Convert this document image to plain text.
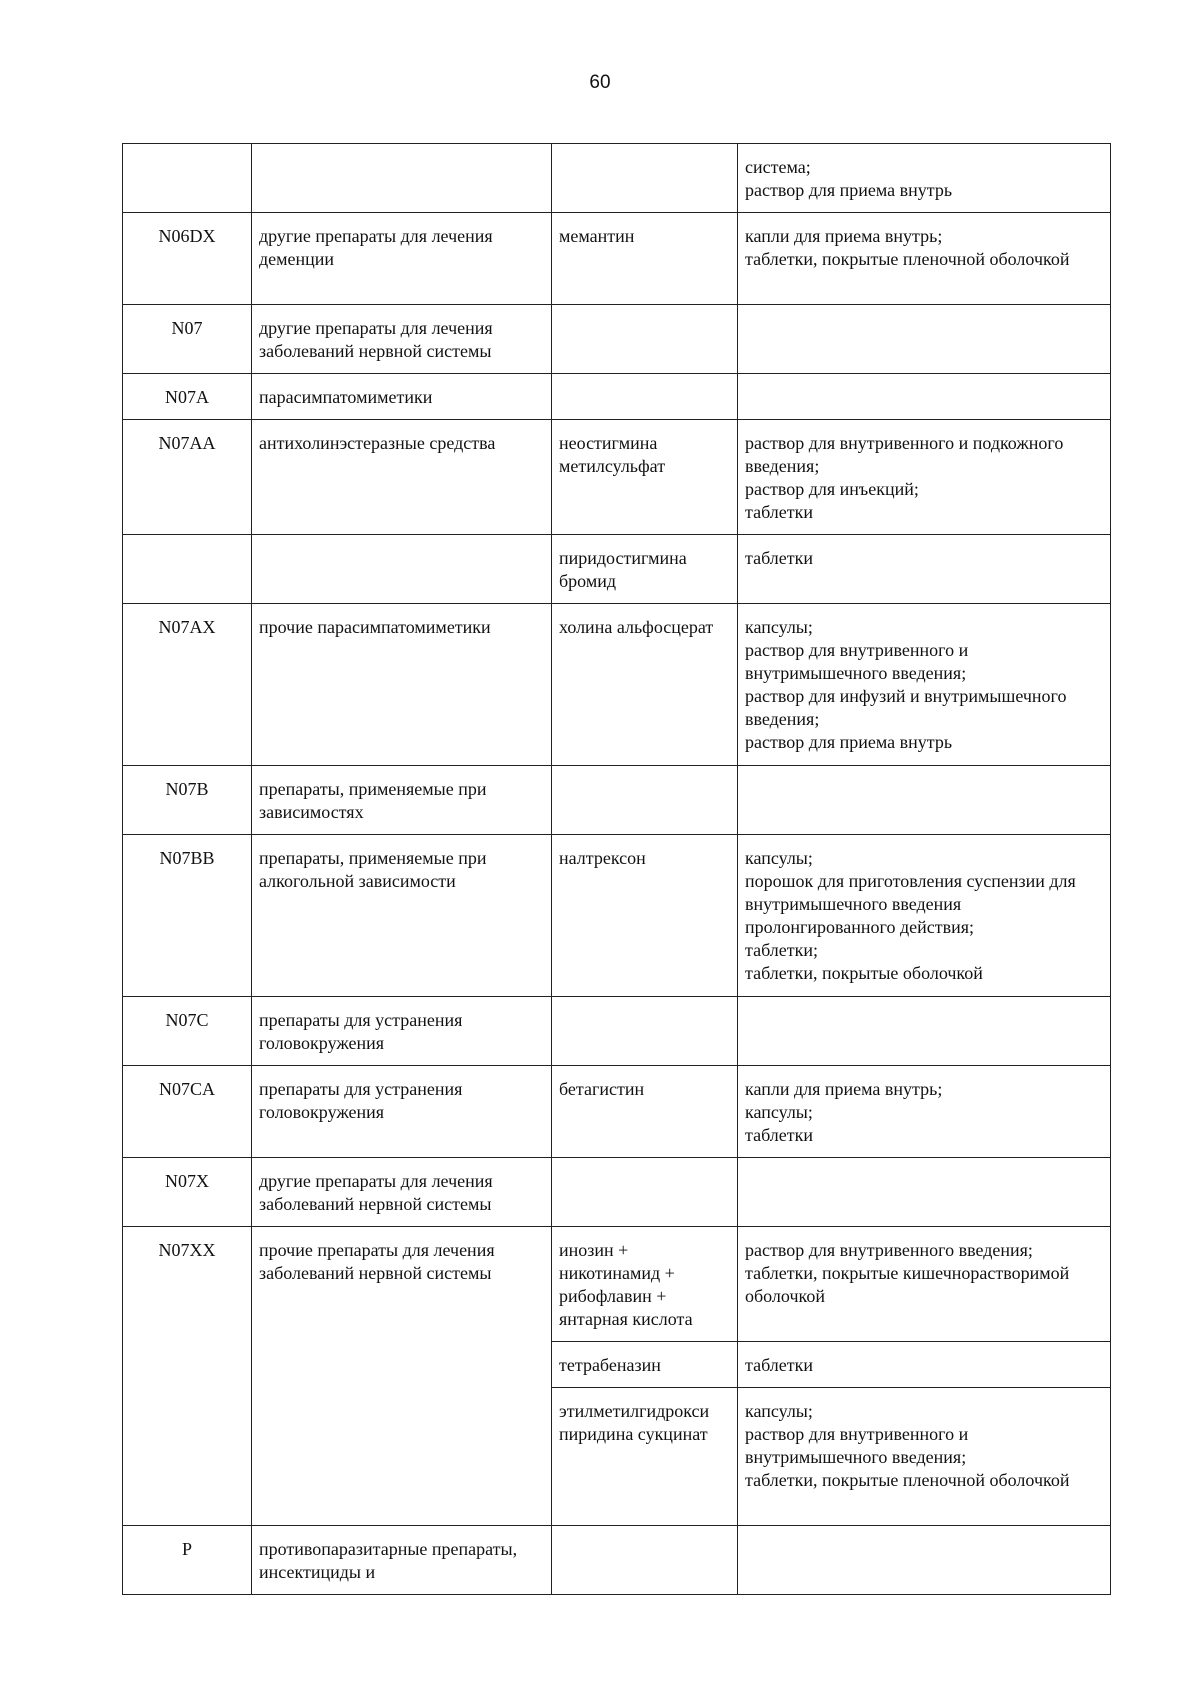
60
			система;
раствор для приема внутрь
N06DX	другие препараты для лечения деменции	мемантин	капли для приема внутрь;
таблетки, покрытые пленочной оболочкой
N07	другие препараты для лечения заболеваний нервной системы		
N07A	парасимпатомиметики		
N07AA	антихолинэстеразные средства	неостигмина метилсульфат	раствор для внутривенного и подкожного введения;
раствор для инъекций;
таблетки
		пиридостигмина бромид	таблетки
N07AX	прочие парасимпатомиметики	холина альфосцерат	капсулы;
раствор для внутривенного и внутримышечного введения;
раствор для инфузий и внутримышечного введения;
раствор для приема внутрь
N07B	препараты, применяемые при зависимостях		
N07BB	препараты, применяемые при алкогольной зависимости	налтрексон	капсулы;
порошок для приготовления суспензии для внутримышечного введения пролонгированного действия;
таблетки;
таблетки, покрытые оболочкой
N07C	препараты для устранения головокружения		
N07CA	препараты для устранения головокружения	бетагистин	капли для приема внутрь;
капсулы;
таблетки
N07X	другие препараты для лечения заболеваний нервной системы		
N07XX	прочие препараты для лечения заболеваний нервной системы	инозин + никотинамид + рибофлавин + янтарная кислота	раствор для внутривенного введения;
таблетки, покрытые кишечнорастворимой оболочкой
		тетрабеназин	таблетки
		этилметилгидрокси пиридина сукцинат	капсулы;
раствор для внутривенного и внутримышечного введения;
таблетки, покрытые пленочной оболочкой
P	противопаразитарные препараты, инсектициды и		
